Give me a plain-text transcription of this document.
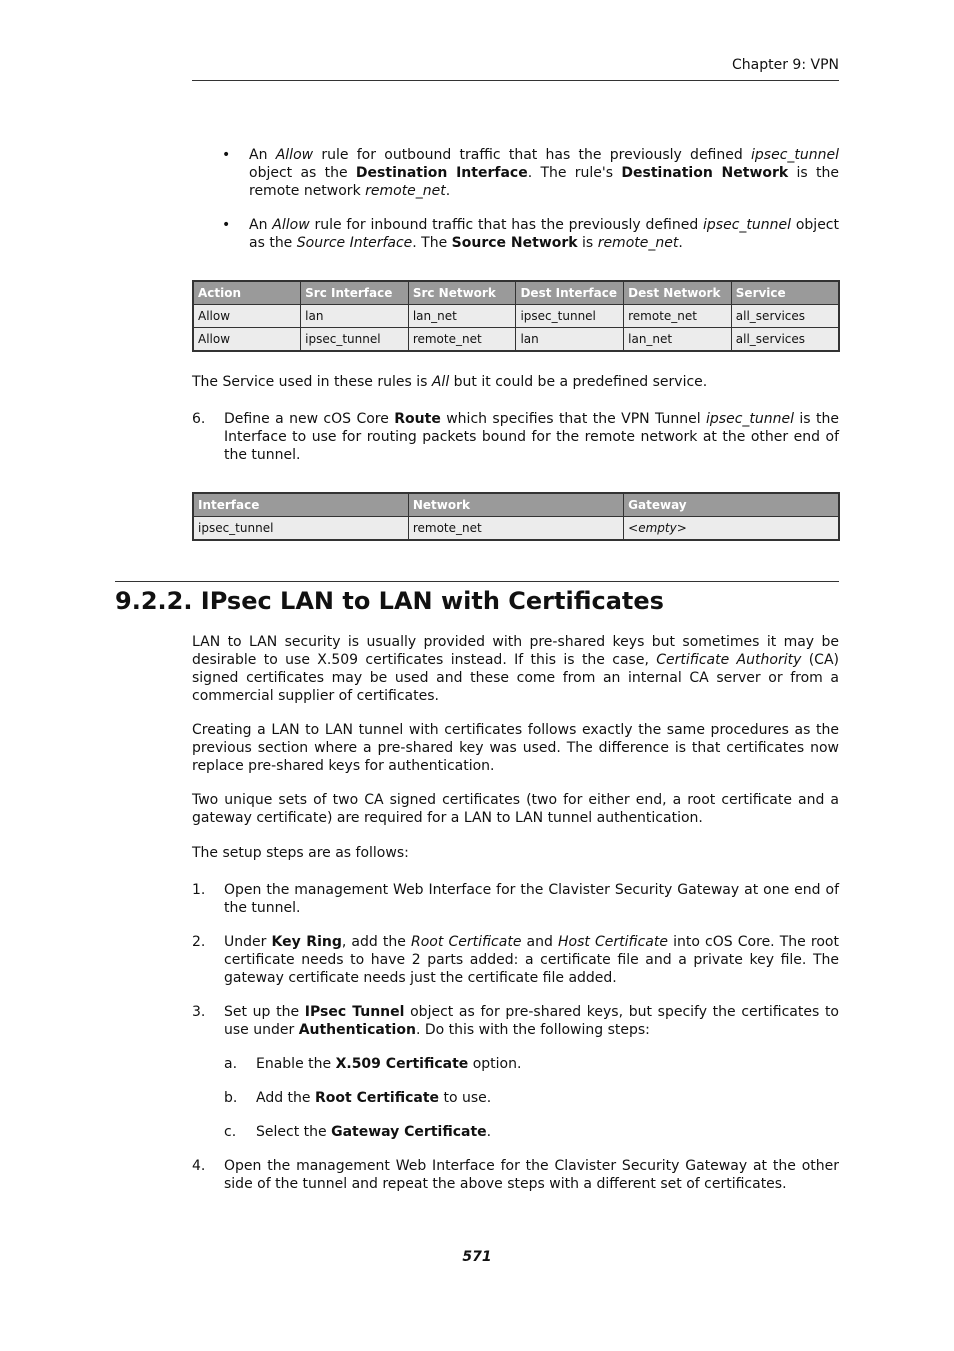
Chapter 9: VPN
• An Allow rule for outbound traffic that has the previously defined ipsec_tunnel object as the Destination Interface. The rule's Destination Network is the remote network remote_net.
• An Allow rule for inbound traffic that has the previously defined ipsec_tunnel object as the Source Interface. The Source Network is remote_net.
Action	Src Interface	Src Network	Dest Interface	Dest Network	Service
Allow	lan	lan_net	ipsec_tunnel	remote_net	all_services
Allow	ipsec_tunnel	remote_net	lan	lan_net	all_services

The Service used in these rules is All but it could be a predefined service.

6. Define a new cOS Core Route which specifies that the VPN Tunnel ipsec_tunnel is the Interface to use for routing packets bound for the remote network at the other end of the tunnel.
Interface	Network	Gateway
ipsec_tunnel	remote_net	<empty>
9.2.2. IPsec LAN to LAN with Certificates

LAN to LAN security is usually provided with pre-shared keys but sometimes it may be desirable to use X.509 certificates instead. If this is the case, Certificate Authority (CA) signed certificates may be used and these come from an internal CA server or from a commercial supplier of certificates.

Creating a LAN to LAN tunnel with certificates follows exactly the same procedures as the previous section where a pre-shared key was used. The difference is that certificates now replace pre-shared keys for authentication.

Two unique sets of two CA signed certificates (two for either end, a root certificate and a gateway certificate) are required for a LAN to LAN tunnel authentication.

The setup steps are as follows:

1. Open the management Web Interface for the Clavister Security Gateway at one end of the tunnel.
2. Under Key Ring, add the Root Certificate and Host Certificate into cOS Core. The root certificate needs to have 2 parts added: a certificate file and a private key file. The gateway certificate needs just the certificate file added.
3. Set up the IPsec Tunnel object as for pre-shared keys, but specify the certificates to use under Authentication. Do this with the following steps:
a. Enable the X.509 Certificate option.
b. Add the Root Certificate to use.
c. Select the Gateway Certificate.
4. Open the management Web Interface for the Clavister Security Gateway at the other side of the tunnel and repeat the above steps with a different set of certificates.
571
